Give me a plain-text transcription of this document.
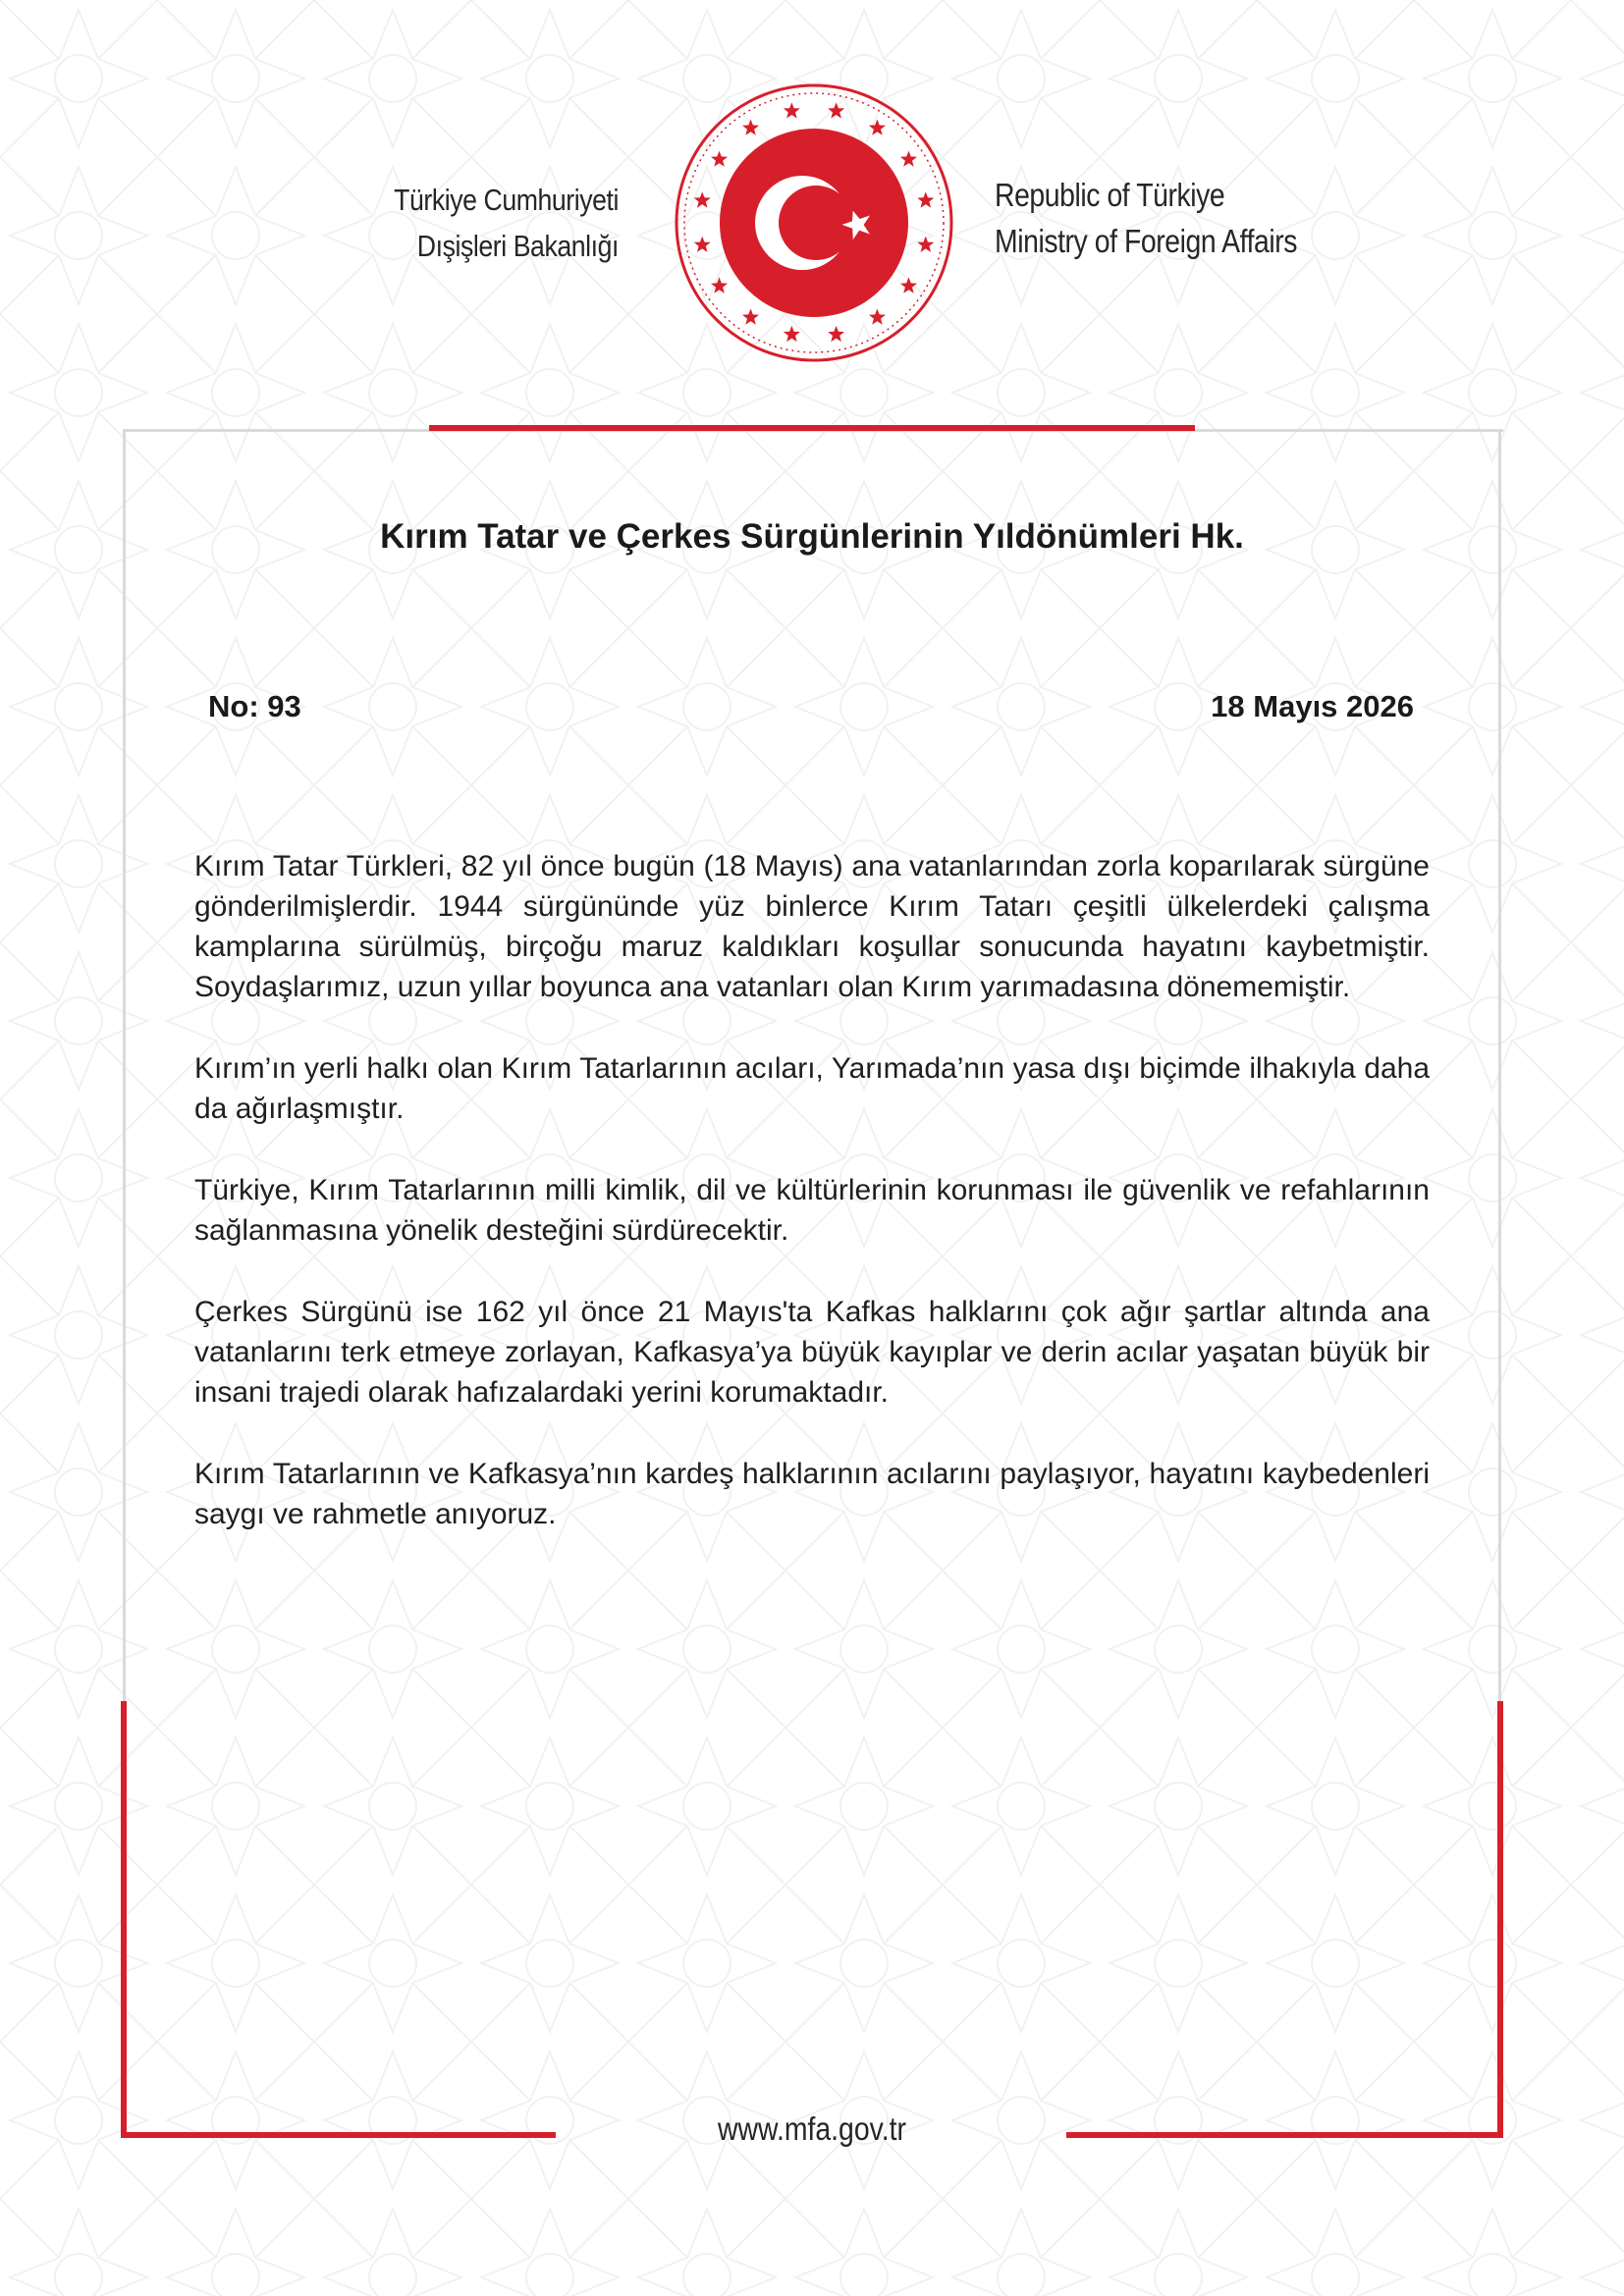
Türkiye Cumhuriyeti
Dışişleri Bakanlığı
Republic of Türkiye
Ministry of Foreign Affairs
Kırım Tatar ve Çerkes Sürgünlerinin Yıldönümleri Hk.
No: 93	18 Mayıs 2026

Kırım Tatar Türkleri, 82 yıl önce bugün (18 Mayıs) ana vatanlarından zorla koparılarak sürgüne gönderilmişlerdir. 1944 sürgününde yüz binlerce Kırım Tatarı çeşitli ülkelerdeki çalışma kamplarına sürülmüş, birçoğu maruz kaldıkları koşullar sonucunda hayatını kaybetmiştir. Soydaşlarımız, uzun yıllar boyunca ana vatanları olan Kırım yarımadasına dönememiştir.

Kırım’ın yerli halkı olan Kırım Tatarlarının acıları, Yarımada’nın yasa dışı biçimde ilhakıyla daha da ağırlaşmıştır.

Türkiye, Kırım Tatarlarının milli kimlik, dil ve kültürlerinin korunması ile güvenlik ve refahlarının sağlanmasına yönelik desteğini sürdürecektir.

Çerkes Sürgünü ise 162 yıl önce 21 Mayıs'ta Kafkas halklarını çok ağır şartlar altında ana vatanlarını terk etmeye zorlayan, Kafkasya’ya büyük kayıplar ve derin acılar yaşatan büyük bir insani trajedi olarak hafızalardaki yerini korumaktadır.

Kırım Tatarlarının ve Kafkasya’nın kardeş halklarının acılarını paylaşıyor, hayatını kaybedenleri saygı ve rahmetle anıyoruz.

www.mfa.gov.tr
